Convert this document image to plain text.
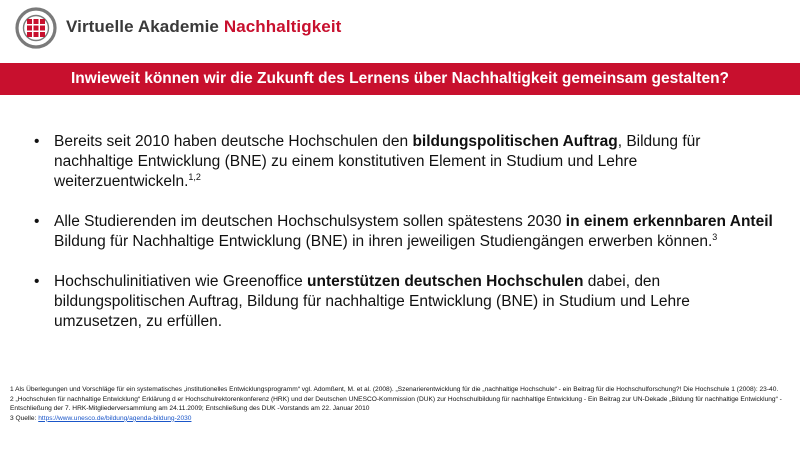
Virtuelle Akademie Nachhaltigkeit
Inwieweit können wir die Zukunft des Lernens über Nachhaltigkeit gemeinsam gestalten?
• Bereits seit 2010 haben deutsche Hochschulen den bildungspolitischen Auftrag, Bildung für nachhaltige Entwicklung (BNE) zu einem konstitutiven Element in Studium und Lehre weiterzuentwickeln.$^{1,2}$
• Alle Studierenden im deutschen Hochschulsystem sollen spätestens 2030 in einem erkennbaren Anteil Bildung für Nachhaltige Entwicklung (BNE) in ihren jeweiligen Studiengängen erwerben können.$^3$
• Hochschulinitiativen wie Greenoffice unterstützen deutschen Hochschulen dabei, den bildungspolitischen Auftrag, Bildung für nachhaltige Entwicklung (BNE) in Studium und Lehre umzusetzen, zu erfüllen.
1 Als Überlegungen und Vorschläge für ein systematisches „institutionelles Entwicklungsprogramm“ vgl. Adomßent, M. et al. (2008). „Szenarierentwicklung für die „nachhaltige Hochschule“ - ein Beitrag für die Hochschulforschung?! Die Hochschule 1 (2008): 23-40.
2 „Hochschulen für nachhaltige Entwicklung“ Erklärung d er Hochschulrektorenkonferenz (HRK) und der Deutschen UNESCO-Kommission (DUK) zur Hochschulbildung für nachhaltige Entwicklung - Ein Beitrag zur UN-Dekade „Bildung für nachhaltige Entwicklung“ - Entschließung der 7. HRK-Mitgliederversammlung am 24.11.2009; Entschließung des DUK -Vorstands am 22. Januar 2010
3 Quelle: https://www.unesco.de/bildung/agenda-bildung-2030
